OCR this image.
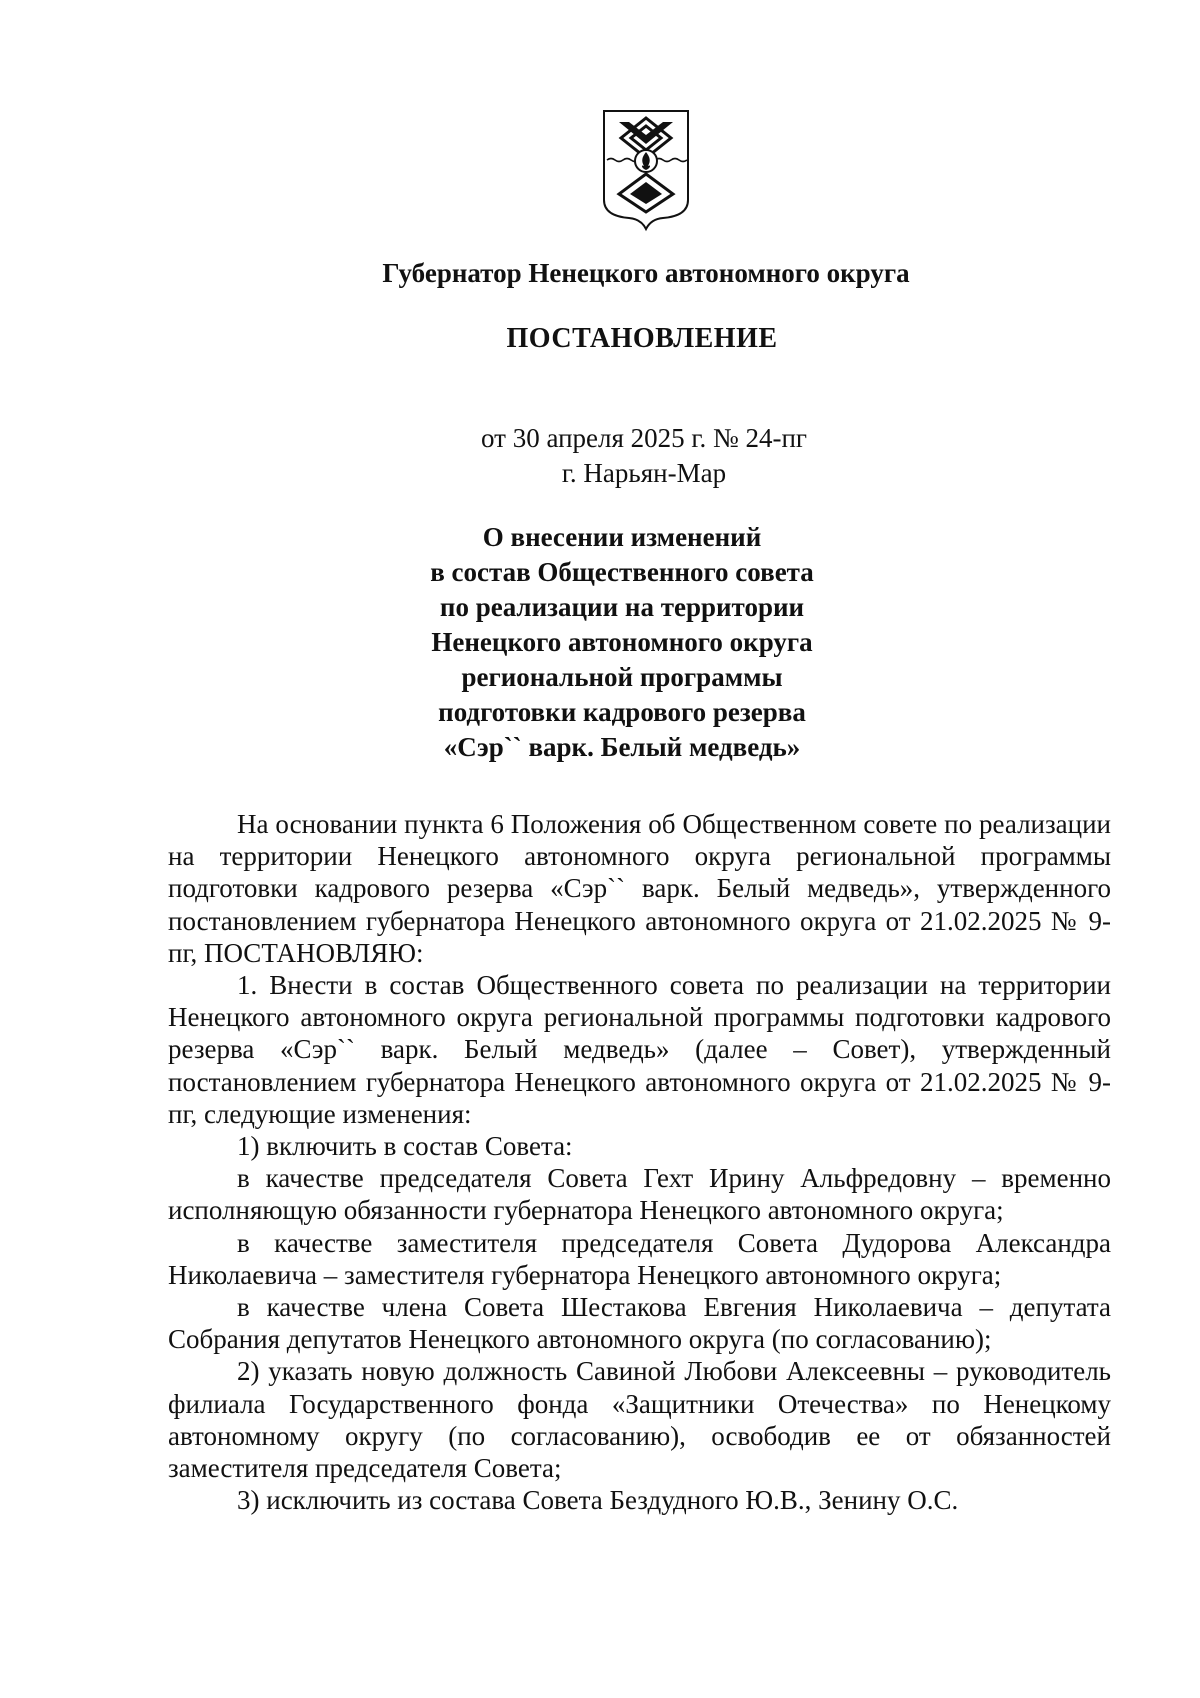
Губернатор Ненецкого автономного округа
ПОСТАНОВЛЕНИЕ
от 30 апреля 2025 г. № 24-пг
г. Нарьян-Мар
О внесении изменений
в состав Общественного совета
по реализации на территории
Ненецкого автономного округа
региональной программы
подготовки кадрового резерва
«Сэр`` варк. Белый медведь»

На основании пункта 6 Положения об Общественном совете по реализации на территории Ненецкого автономного округа региональной программы подготовки кадрового резерва «Сэр`` варк. Белый медведь», утвержденного постановлением губернатора Ненецкого автономного округа от 21.02.2025 № 9-пг, ПОСТАНОВЛЯЮ:

1. Внести в состав Общественного совета по реализации на территории Ненецкого автономного округа региональной программы подготовки кадрового резерва «Сэр`` варк. Белый медведь» (далее – Совет), утвержденный постановлением губернатора Ненецкого автономного округа от 21.02.2025 № 9-пг, следующие изменения:

1) включить в состав Совета:

в качестве председателя Совета Гехт Ирину Альфредовну – временно исполняющую обязанности губернатора Ненецкого автономного округа;

в качестве заместителя председателя Совета Дудорова Александра Николаевича – заместителя губернатора Ненецкого автономного округа;

в качестве члена Совета Шестакова Евгения Николаевича – депутата Собрания депутатов Ненецкого автономного округа (по согласованию);

2) указать новую должность Савиной Любови Алексеевны – руководитель филиала Государственного фонда «Защитники Отечества» по Ненецкому автономному округу (по согласованию), освободив ее от обязанностей заместителя председателя Совета;

3) исключить из состава Совета Бездудного Ю.В., Зенину О.С.
